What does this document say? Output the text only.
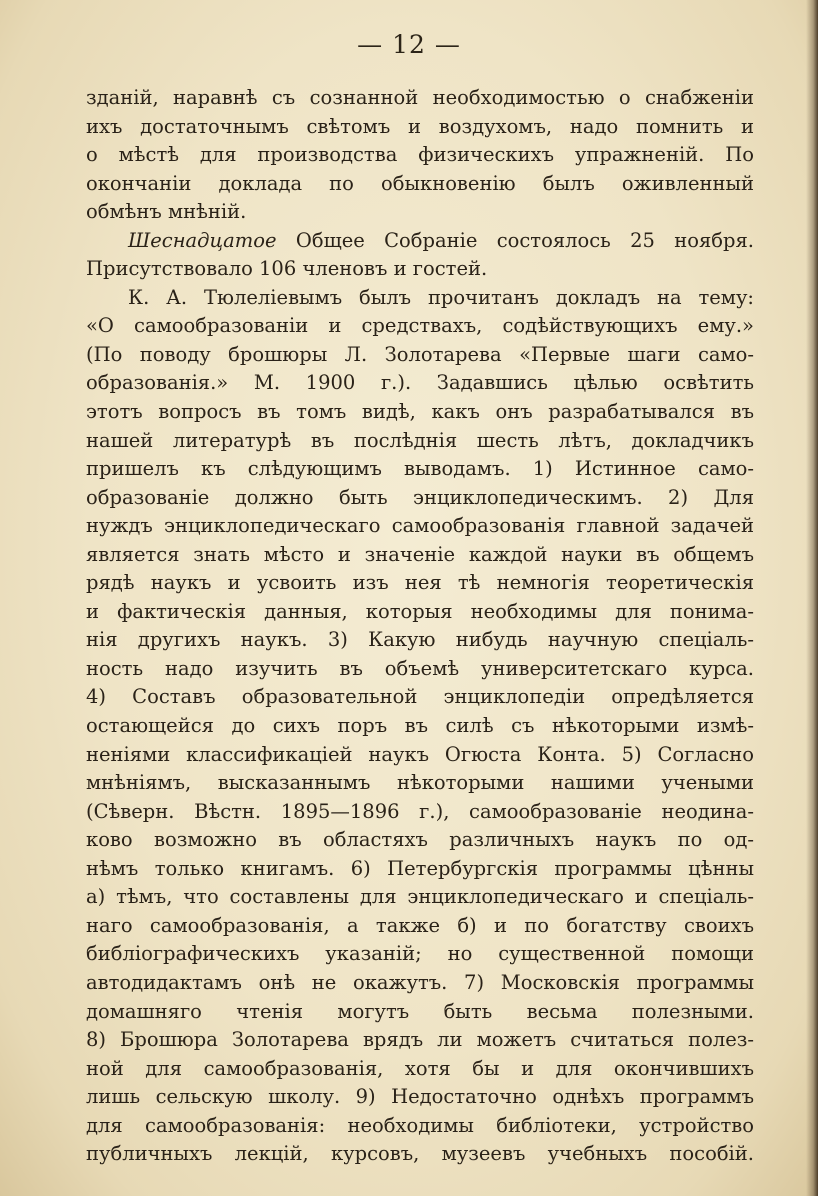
— 12 —
зданій, наравнѣ съ сознанной необходимостью о снабженіи
ихъ достаточнымъ свѣтомъ и воздухомъ, надо помнить и
о мѣстѣ для производства физическихъ упражненій. По
окончаніи доклада по обыкновенію былъ оживленный
обмѣнъ мнѣній.
Шеснадцатое Общее Собраніе состоялось 25 ноября.
Присутствовало 106 членовъ и гостей.
К. А. Тюлеліевымъ былъ прочитанъ докладъ на тему:
«О самообразованіи и средствахъ, содѣйствующихъ ему.»
(По поводу брошюры Л. Золотарева «Первые шаги само-
образованія.» М. 1900 г.). Задавшись цѣлью освѣтить
этотъ вопросъ въ томъ видѣ, какъ онъ разрабатывался въ
нашей литературѣ въ послѣднія шесть лѣтъ, докладчикъ
пришелъ къ слѣдующимъ выводамъ. 1) Истинное само-
образованіе должно быть энциклопедическимъ. 2) Для
нуждъ энциклопедическаго самообразованія главной задачей
является знать мѣсто и значеніе каждой науки въ общемъ
рядѣ наукъ и усвоить изъ нея тѣ немногія теоретическія
и фактическія данныя, которыя необходимы для понима-
нія другихъ наукъ. 3) Какую нибудь научную спеціаль-
ность надо изучить въ объемѣ университетскаго курса.
4) Составъ образовательной энциклопедіи опредѣляется
остающейся до сихъ поръ въ силѣ съ нѣкоторыми измѣ-
неніями классификаціей наукъ Огюста Конта. 5) Согласно
мнѣніямъ, высказаннымъ нѣкоторыми нашими учеными
(Сѣверн. Вѣстн. 1895—1896 г.), самообразованіе неодина-
ково возможно въ областяхъ различныхъ наукъ по од-
нѣмъ только книгамъ. 6) Петербургскія программы цѣнны
а) тѣмъ, что составлены для энциклопедическаго и спеціаль-
наго самообразованія, а также б) и по богатству своихъ
библіографическихъ указаній; но существенной помощи
автодидактамъ онѣ не окажутъ. 7) Московскія программы
домашняго чтенія могутъ быть весьма полезными.
8) Брошюра Золотарева врядъ ли можетъ считаться полез-
ной для самообразованія, хотя бы и для окончившихъ
лишь сельскую школу. 9) Недостаточно однѣхъ программъ
для самообразованія: необходимы библіотеки, устройство
публичныхъ лекцій, курсовъ, музеевъ учебныхъ пособій.
